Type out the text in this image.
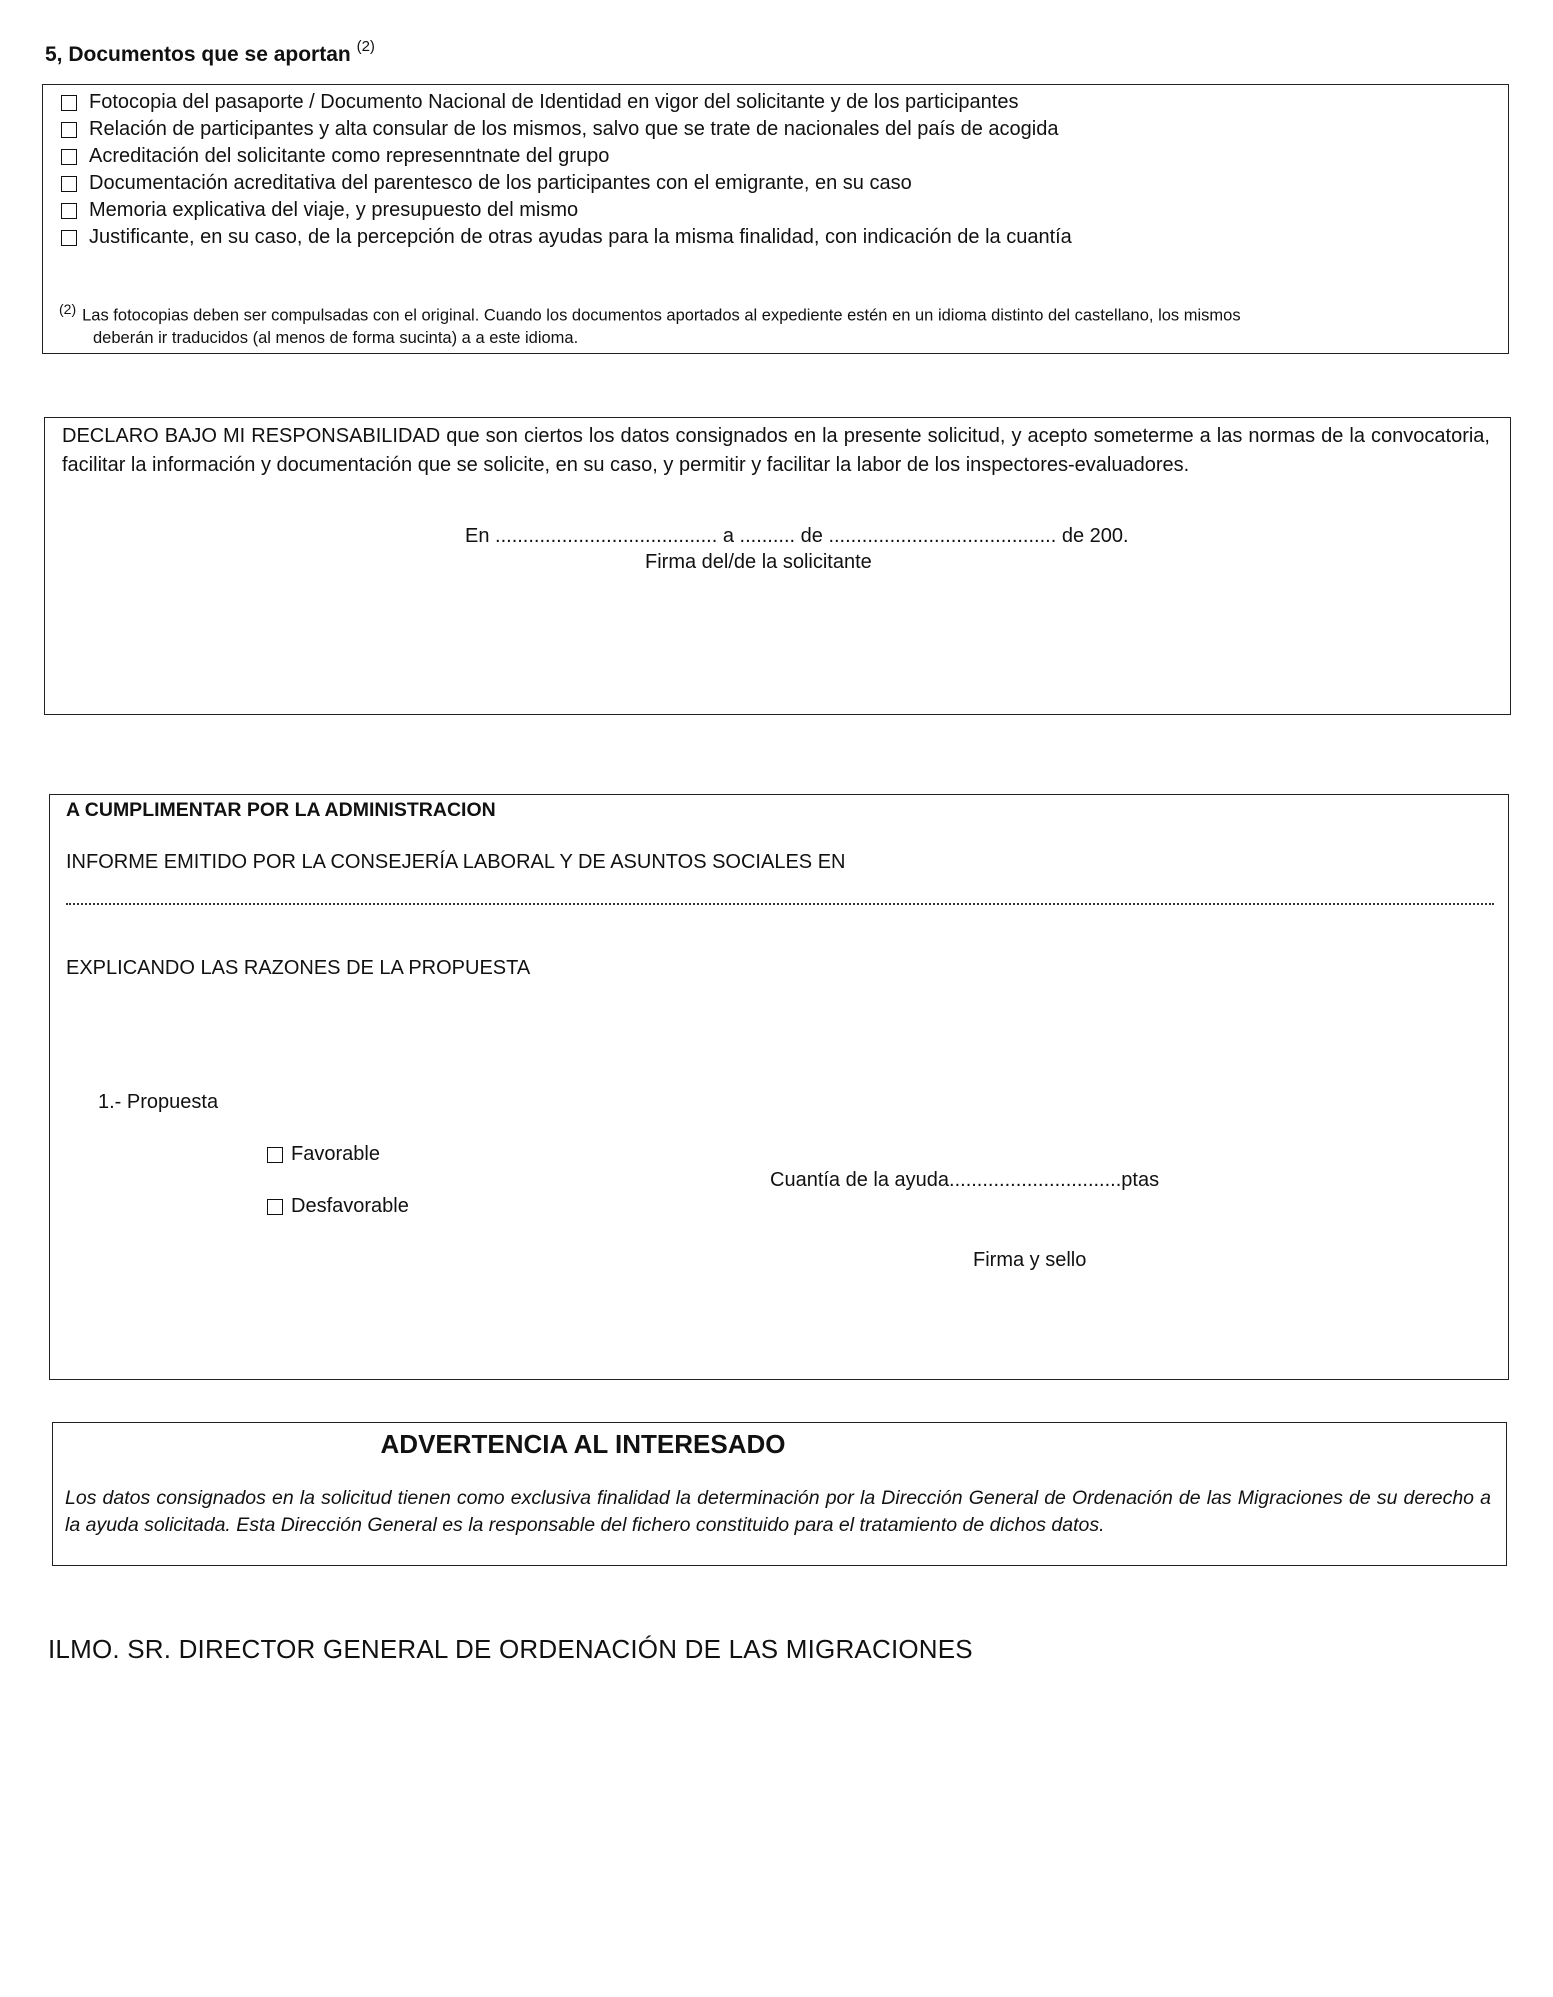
5, Documentos que se aportan $^{(2)}$
Fotocopia del pasaporte / Documento Nacional de Identidad en vigor del solicitante y de los participantes
Relación de participantes y alta consular de los mismos, salvo que se trate de nacionales del país de acogida
Acreditación del solicitante como represenntnate del grupo
Documentación acreditativa del parentesco de los participantes con el emigrante, en su caso
Memoria explicativa del viaje, y presupuesto del mismo
Justificante, en su caso, de la percepción de otras ayudas para la misma finalidad, con indicación de la cuantía
$^{(2)}$ Las fotocopias deben ser compulsadas con el original. Cuando los documentos aportados al expediente estén en un idioma distinto del castellano, los mismos
deberán ir traducidos (al menos de forma sucinta) a a este idioma.
DECLARO BAJO MI RESPONSABILIDAD que son ciertos los datos consignados en la presente solicitud, y acepto someterme a las normas de la convocatoria, facilitar la información y documentación que se solicite, en su caso, y permitir y facilitar la labor de los inspectores-evaluadores.
En ........................................ a .......... de ......................................... de 200.
Firma del/de la solicitante
A CUMPLIMENTAR POR LA ADMINISTRACION
INFORME EMITIDO POR LA CONSEJERÍA LABORAL Y DE ASUNTOS SOCIALES EN
EXPLICANDO LAS RAZONES DE LA PROPUESTA
1.- Propuesta
Favorable
Desfavorable
Cuantía de la ayuda...............................ptas
Firma y sello
ADVERTENCIA AL INTERESADO
Los datos consignados en la solicitud tienen como exclusiva finalidad la determinación por la Dirección General de Ordenación de las Migraciones de su derecho a la ayuda solicitada. Esta Dirección General es la responsable del fichero constituido para el tratamiento de dichos datos.
ILMO. SR. DIRECTOR GENERAL DE ORDENACIÓN DE LAS MIGRACIONES
